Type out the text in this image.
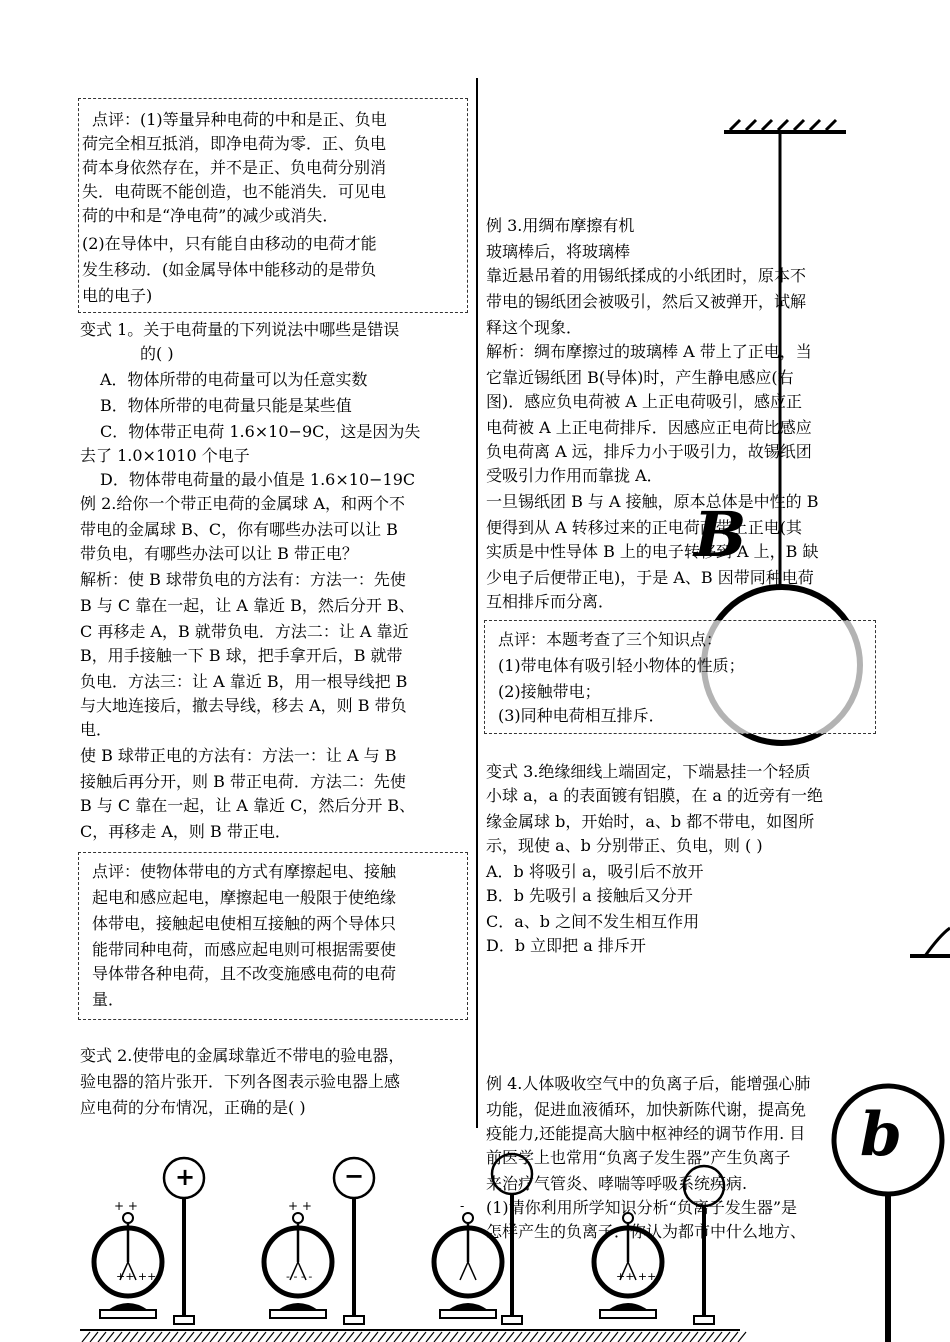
点评：(1)等量异种电荷的中和是正、负电
荷完全相互抵消，即净电荷为零．正、负电
荷本身依然存在，并不是正、负电荷分别消
失．电荷既不能创造，也不能消失．可见电
荷的中和是“净电荷”的减少或消失．
(2)在导体中，只有能自由移动的电荷才能
发生移动．(如金属导体中能移动的是带负
电的电子)
变式 1。关于电荷量的下列说法中哪些是错误
的( )
A．物体所带的电荷量可以为任意实数
B．物体所带的电荷量只能是某些值
C．物体带正电荷 1.6×10−9C，这是因为失
去了 1.0×1010 个电子
D．物体带电荷量的最小值是 1.6×10−19C
例 2.给你一个带正电荷的金属球 A，和两个不
带电的金属球 B、C，你有哪些办法可以让 B
带负电，有哪些办法可以让 B 带正电？
解析：使 B 球带负电的方法有：方法一：先使
B 与 C 靠在一起，让 A 靠近 B，然后分开 B、
C 再移走 A，B 就带负电．方法二：让 A 靠近
B，用手接触一下 B 球，把手拿开后，B 就带
负电．方法三：让 A 靠近 B，用一根导线把 B
与大地连接后，撤去导线，移去 A，则 B 带负
电．
使 B 球带正电的方法有：方法一：让 A 与 B
接触后再分开，则 B 带正电荷．方法二：先使
B 与 C 靠在一起，让 A 靠近 C，然后分开 B、
C，再移走 A，则 B 带正电．
点评：使物体带电的方式有摩擦起电、接触
起电和感应起电，摩擦起电一般限于使绝缘
体带电，接触起电使相互接触的两个导体只
能带同种电荷，而感应起电则可根据需要使
导体带各种电荷，且不改变施感电荷的电荷
量．
变式 2.使带电的金属球靠近不带电的验电器，
验电器的箔片张开．下列各图表示验电器上感
应电荷的分布情况，正确的是( )
+ +
++ ++
+ +
- - - -
-
++ ++
+	−
B
b
例 3.用绸布摩擦有机
玻璃棒后，将玻璃棒
靠近悬吊着的用锡纸揉成的小纸团时，原本不
带电的锡纸团会被吸引，然后又被弹开，试解
释这个现象．
解析：绸布摩擦过的玻璃棒 A 带上了正电，当
它靠近锡纸团 B(导体)时，产生静电感应(右
图)．感应负电荷被 A 上正电荷吸引，感应正
电荷被 A 上正电荷排斥．因感应正电荷比感应
负电荷离 A 远，排斥力小于吸引力，故锡纸团
受吸引力作用而靠拢 A．
一旦锡纸团 B 与 A 接触，原本总体是中性的 B
便得到从 A 转移过来的正电荷而带上正电(其
实质是中性导体 B 上的电子转移到 A 上，B 缺
少电子后便带正电)，于是 A、B 因带同种电荷
互相排斥而分离．
点评：本题考查了三个知识点：
(1)带电体有吸引轻小物体的性质；
(2)接触带电；
(3)同种电荷相互排斥．
变式 3.绝缘细线上端固定，下端悬挂一个轻质
小球 a，a 的表面镀有铝膜，在 a 的近旁有一绝
缘金属球 b，开始时，a、b 都不带电，如图所
示，现使 a、b 分别带正、负电，则 ( )
A．b 将吸引 a，吸引后不放开
B．b 先吸引 a 接触后又分开
C．a、b 之间不发生相互作用
D．b 立即把 a 排斥开
例 4.人体吸收空气中的负离子后，能增强心肺
功能，促进血液循环，加快新陈代谢，提高免
疫能力,还能提高大脑中枢神经的调节作用. 目
前医学上也常用“负离子发生器”产生负离子
来治疗气管炎、哮喘等呼吸系统疾病.
(1)请你利用所学知识分析“负离子发生器”是
怎样产生的负离子．你认为都市中什么地方、
